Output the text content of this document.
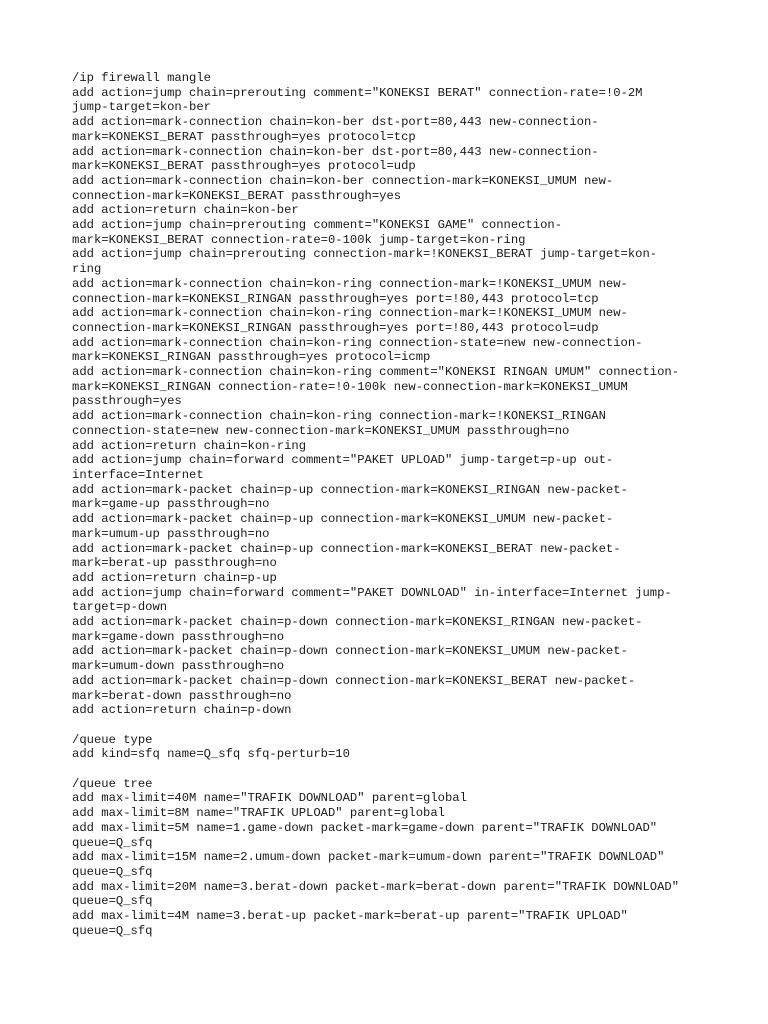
/ip firewall mangle
add action=jump chain=prerouting comment="KONEKSI BERAT" connection-rate=!0-2M
jump-target=kon-ber
add action=mark-connection chain=kon-ber dst-port=80,443 new-connection-
mark=KONEKSI_BERAT passthrough=yes protocol=tcp
add action=mark-connection chain=kon-ber dst-port=80,443 new-connection-
mark=KONEKSI_BERAT passthrough=yes protocol=udp
add action=mark-connection chain=kon-ber connection-mark=KONEKSI_UMUM new-
connection-mark=KONEKSI_BERAT passthrough=yes
add action=return chain=kon-ber
add action=jump chain=prerouting comment="KONEKSI GAME" connection-
mark=KONEKSI_BERAT connection-rate=0-100k jump-target=kon-ring
add action=jump chain=prerouting connection-mark=!KONEKSI_BERAT jump-target=kon-
ring
add action=mark-connection chain=kon-ring connection-mark=!KONEKSI_UMUM new-
connection-mark=KONEKSI_RINGAN passthrough=yes port=!80,443 protocol=tcp
add action=mark-connection chain=kon-ring connection-mark=!KONEKSI_UMUM new-
connection-mark=KONEKSI_RINGAN passthrough=yes port=!80,443 protocol=udp
add action=mark-connection chain=kon-ring connection-state=new new-connection-
mark=KONEKSI_RINGAN passthrough=yes protocol=icmp
add action=mark-connection chain=kon-ring comment="KONEKSI RINGAN UMUM" connection-
mark=KONEKSI_RINGAN connection-rate=!0-100k new-connection-mark=KONEKSI_UMUM
passthrough=yes
add action=mark-connection chain=kon-ring connection-mark=!KONEKSI_RINGAN
connection-state=new new-connection-mark=KONEKSI_UMUM passthrough=no
add action=return chain=kon-ring
add action=jump chain=forward comment="PAKET UPLOAD" jump-target=p-up out-
interface=Internet
add action=mark-packet chain=p-up connection-mark=KONEKSI_RINGAN new-packet-
mark=game-up passthrough=no
add action=mark-packet chain=p-up connection-mark=KONEKSI_UMUM new-packet-
mark=umum-up passthrough=no
add action=mark-packet chain=p-up connection-mark=KONEKSI_BERAT new-packet-
mark=berat-up passthrough=no
add action=return chain=p-up
add action=jump chain=forward comment="PAKET DOWNLOAD" in-interface=Internet jump-
target=p-down
add action=mark-packet chain=p-down connection-mark=KONEKSI_RINGAN new-packet-
mark=game-down passthrough=no
add action=mark-packet chain=p-down connection-mark=KONEKSI_UMUM new-packet-
mark=umum-down passthrough=no
add action=mark-packet chain=p-down connection-mark=KONEKSI_BERAT new-packet-
mark=berat-down passthrough=no
add action=return chain=p-down
/queue type
add kind=sfq name=Q_sfq sfq-perturb=10
/queue tree
add max-limit=40M name="TRAFIK DOWNLOAD" parent=global
add max-limit=8M name="TRAFIK UPLOAD" parent=global
add max-limit=5M name=1.game-down packet-mark=game-down parent="TRAFIK DOWNLOAD"
queue=Q_sfq
add max-limit=15M name=2.umum-down packet-mark=umum-down parent="TRAFIK DOWNLOAD"
queue=Q_sfq
add max-limit=20M name=3.berat-down packet-mark=berat-down parent="TRAFIK DOWNLOAD"
queue=Q_sfq
add max-limit=4M name=3.berat-up packet-mark=berat-up parent="TRAFIK UPLOAD"
queue=Q_sfq
